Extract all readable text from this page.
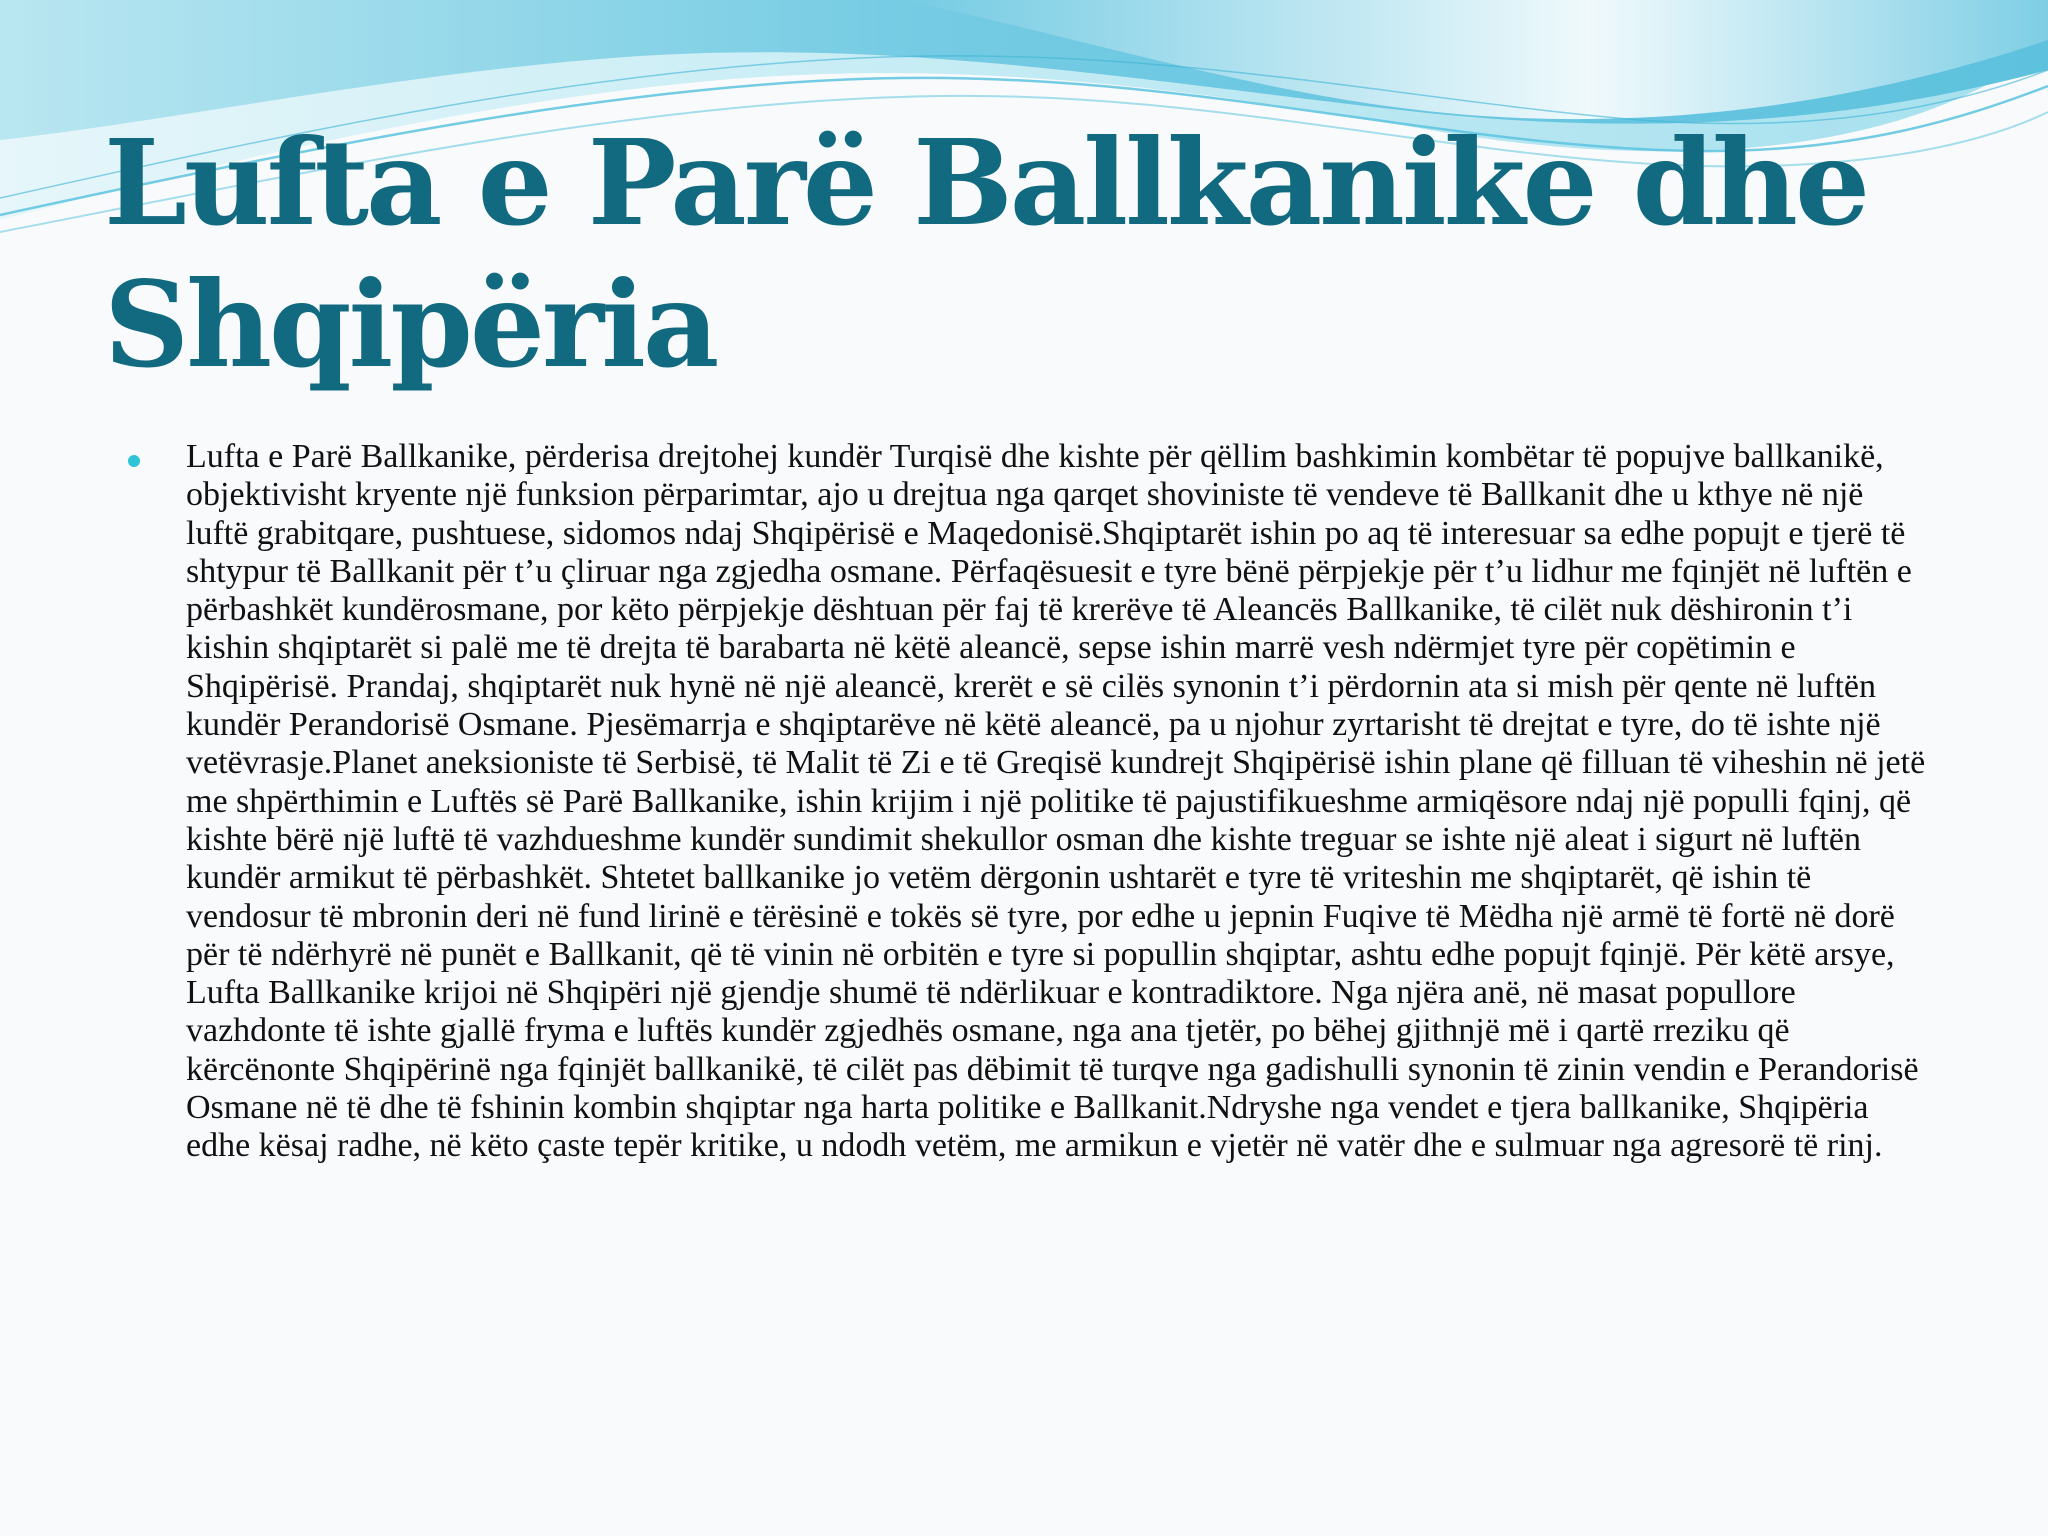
Lufta e Parë Ballkanike dhe Shqipëria

Lufta e Parë Ballkanike, përderisa drejtohej kundër Turqisë dhe kishte për qëllim bashkimin kombëtar të popujve ballkanikë, objektivisht kryente një funksion përparimtar, ajo u drejtua nga qarqet shoviniste të vendeve të Ballkanit dhe u kthye në një luftë grabitqare, pushtuese, sidomos ndaj Shqipërisë e Maqedonisë.Shqiptarët ishin po aq të interesuar sa edhe popujt e tjerë të shtypur të Ballkanit për t’u çliruar nga zgjedha osmane. Përfaqësuesit e tyre bënë përpjekje për t’u lidhur me fqinjët në luftën e përbashkët kundërosmane, por këto përpjekje dështuan për faj të krerëve të Aleancës Ballkanike, të cilët nuk dëshironin t’i kishin shqiptarët si palë me të drejta të barabarta në këtë aleancë, sepse ishin marrë vesh ndërmjet tyre për copëtimin e Shqipërisë. Prandaj, shqiptarët nuk hynë në një aleancë, krerët e së cilës synonin t’i përdornin ata si mish për qente në luftën kundër Perandorisë Osmane. Pjesëmarrja e shqiptarëve në këtë aleancë, pa u njohur zyrtarisht të drejtat e tyre, do të ishte një vetëvrasje.Planet aneksioniste të Serbisë, të Malit të Zi e të Greqisë kundrejt Shqipërisë ishin plane që filluan të viheshin në jetë me shpërthimin e Luftës së Parë Ballkanike, ishin krijim i një politike të pajustifikueshme armiqësore ndaj një populli fqinj, që kishte bërë një luftë të vazhdueshme kundër sundimit shekullor osman dhe kishte treguar se ishte një aleat i sigurt në luftën kundër armikut të përbashkët. Shtetet ballkanike jo vetëm dërgonin ushtarët e tyre të vriteshin me shqiptarët, që ishin të vendosur të mbronin deri në fund lirinë e tërësinë e tokës së tyre, por edhe u jepnin Fuqive të Mëdha një armë të fortë në dorë për të ndërhyrë në punët e Ballkanit, që të vinin në orbitën e tyre si popullin shqiptar, ashtu edhe popujt fqinjë. Për këtë arsye, Lufta Ballkanike krijoi në Shqipëri një gjendje shumë të ndërlikuar e kontradiktore. Nga njëra anë, në masat popullore vazhdonte të ishte gjallë fryma e luftës kundër zgjedhës osmane, nga ana tjetër, po bëhej gjithnjë më i qartë rreziku që kërcënonte Shqipërinë nga fqinjët ballkanikë, të cilët pas dëbimit të turqve nga gadishulli synonin të zinin vendin e Perandorisë Osmane në të dhe të fshinin kombin shqiptar nga harta politike e Ballkanit.Ndryshe nga vendet e tjera ballkanike, Shqipëria edhe kësaj radhe, në këto çaste tepër kritike, u ndodh vetëm, me armikun e vjetër në vatër dhe e sulmuar nga agresorë të rinj.
